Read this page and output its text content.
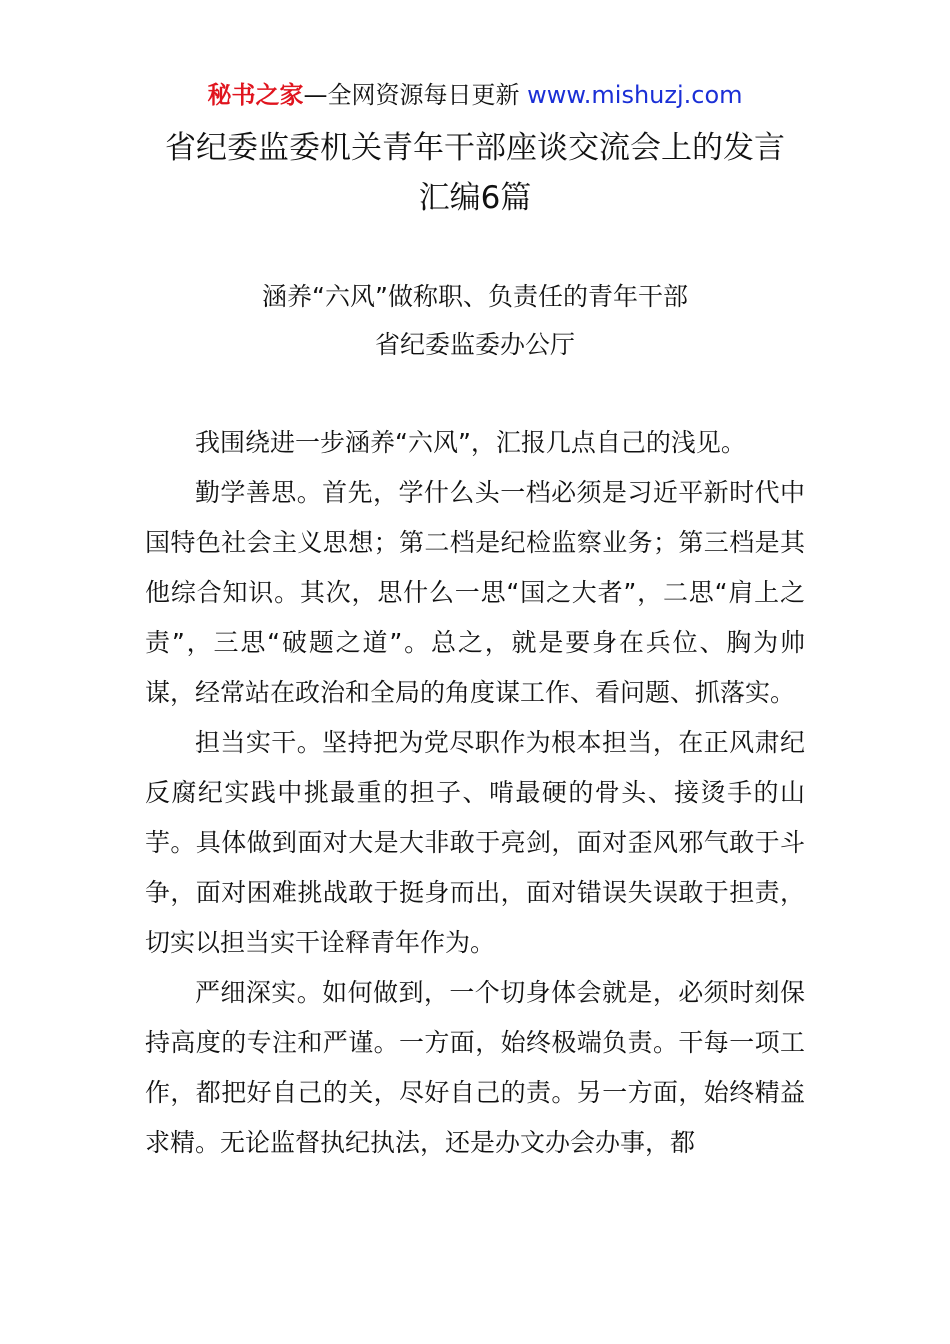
秘书之家—全网资源每日更新 www.mishuzj.com
省纪委监委机关青年干部座谈交流会上的发言
汇编6篇
涵养“六风”做称职、负责任的青年干部
省纪委监委办公厅

我围绕进一步涵养“六风”，汇报几点自己的浅见。

勤学善思。首先，学什么头一档必须是习近平新时代中国特色社会主义思想；第二档是纪检监察业务；第三档是其他综合知识。其次，思什么一思“国之大者”，二思“肩上之责”，三思“破题之道”。总之，就是要身在兵位、胸为帅谋，经常站在政治和全局的角度谋工作、看问题、抓落实。

担当实干。坚持把为党尽职作为根本担当，在正风肃纪反腐纪实践中挑最重的担子、啃最硬的骨头、接烫手的山芋。具体做到面对大是大非敢于亮剑，面对歪风邪气敢于斗争，面对困难挑战敢于挺身而出，面对错误失误敢于担责，切实以担当实干诠释青年作为。

严细深实。如何做到，一个切身体会就是，必须时刻保持高度的专注和严谨。一方面，始终极端负责。干每一项工作，都把好自己的关，尽好自己的责。另一方面，始终精益求精。无论监督执纪执法，还是办文办会办事，都
